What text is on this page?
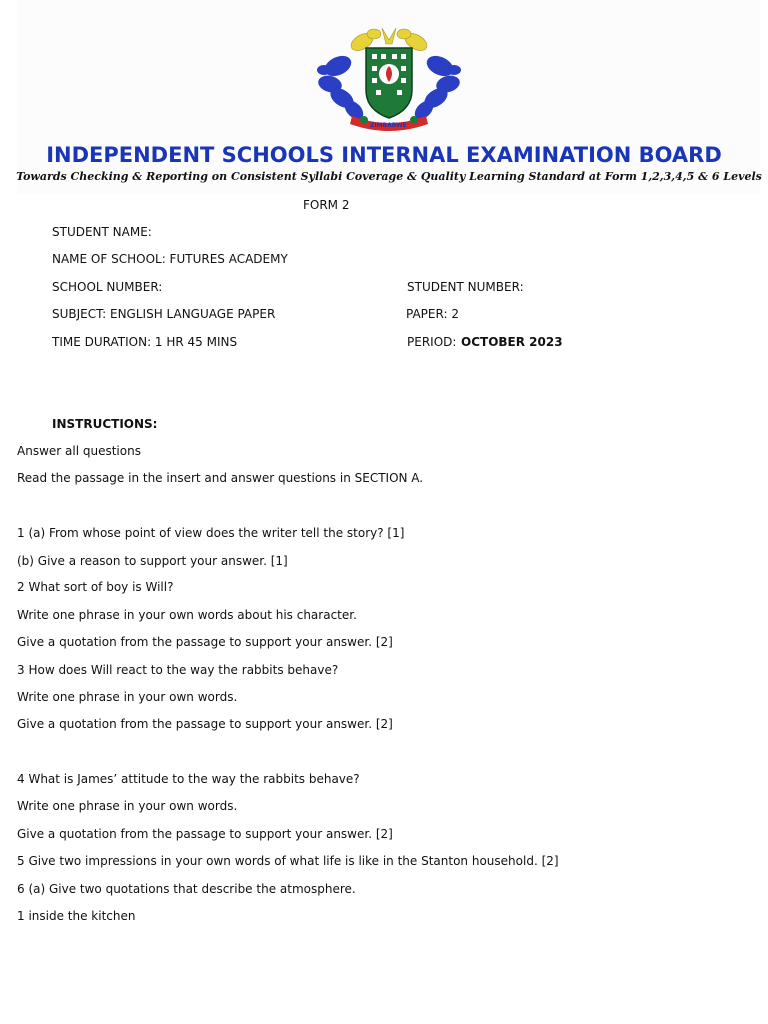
ZIMBABWE
INDEPENDENT SCHOOLS INTERNAL EXAMINATION BOARD
Towards Checking & Reporting on Consistent Syllabi Coverage & Quality Learning Standard at Form 1,2,3,4,5 & 6 Levels
FORM 2
STUDENT NAME:
NAME OF SCHOOL: FUTURES ACADEMY
SCHOOL NUMBER:	STUDENT NUMBER:
SUBJECT: ENGLISH LANGUAGE PAPER	PAPER: 2
TIME DURATION: 1 HR 45 MINS	PERIOD: OCTOBER 2023
INSTRUCTIONS:
Answer all questions
Read the passage in the insert and answer questions in SECTION A.
1 (a) From whose point of view does the writer tell the story? [1]
(b) Give a reason to support your answer. [1]
2 What sort of boy is Will?
Write one phrase in your own words about his character.
Give a quotation from the passage to support your answer. [2]
3 How does Will react to the way the rabbits behave?
Write one phrase in your own words.
Give a quotation from the passage to support your answer. [2]
4 What is James’ attitude to the way the rabbits behave?
Write one phrase in your own words.
Give a quotation from the passage to support your answer. [2]
5 Give two impressions in your own words of what life is like in the Stanton household. [2]
6 (a) Give two quotations that describe the atmosphere.
1 inside the kitchen
